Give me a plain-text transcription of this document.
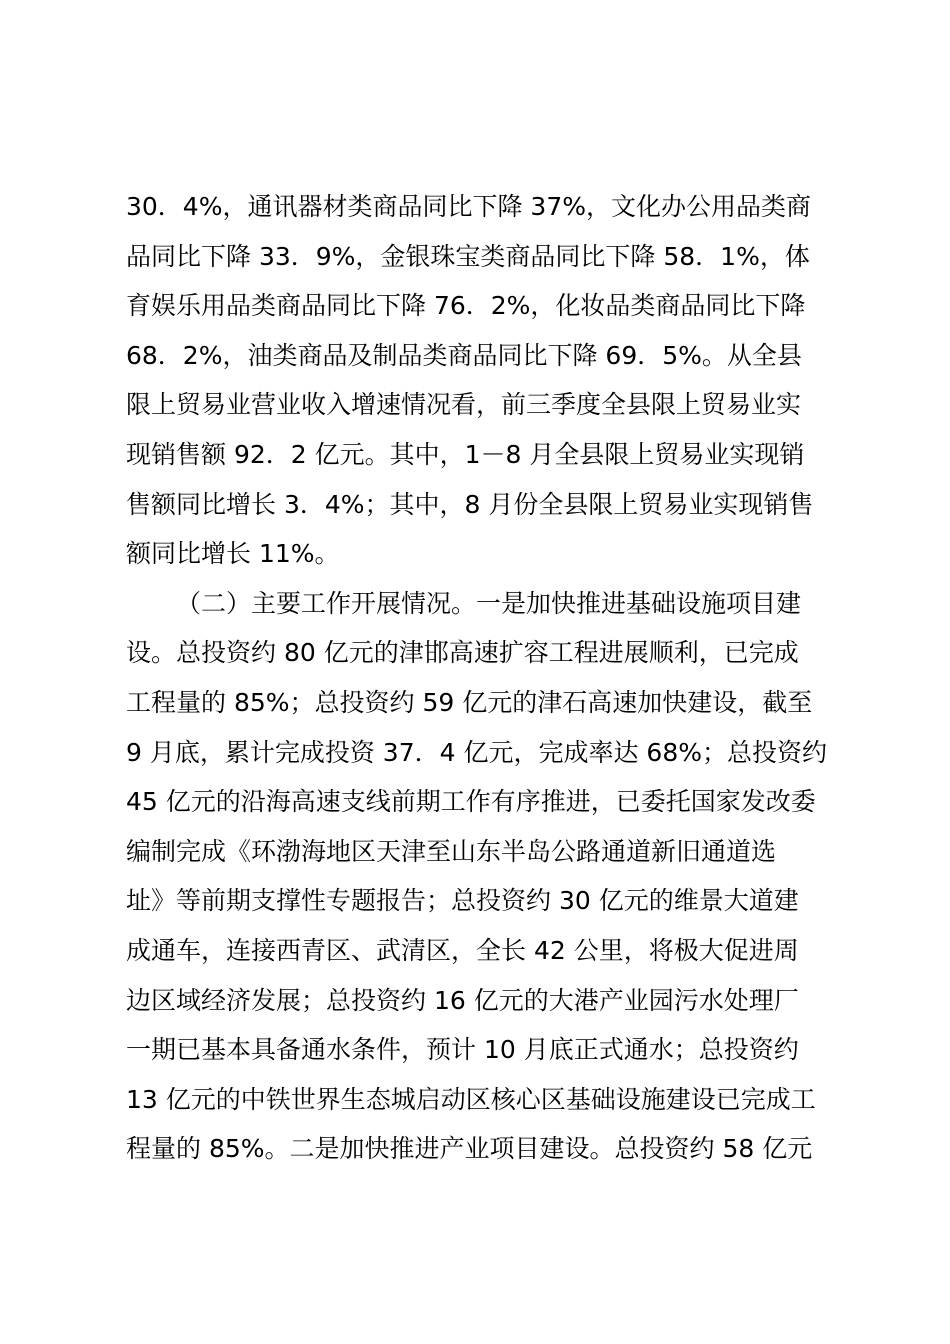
30．4%，通讯器材类商品同比下降 37%，文化办公用品类商
品同比下降 33．9%，金银珠宝类商品同比下降 58．1%，体
育娱乐用品类商品同比下降 76．2%，化妆品类商品同比下降
68．2%，油类商品及制品类商品同比下降 69．5%。从全县
限上贸易业营业收入增速情况看，前三季度全县限上贸易业实
现销售额 92．2 亿元。其中，1－8 月全县限上贸易业实现销
售额同比增长 3．4%；其中，8 月份全县限上贸易业实现销售
额同比增长 11%。
（二）主要工作开展情况。一是加快推进基础设施项目建
设。总投资约 80 亿元的津邯高速扩容工程进展顺利，已完成
工程量的 85%；总投资约 59 亿元的津石高速加快建设，截至
9 月底，累计完成投资 37．4 亿元，完成率达 68%；总投资约
45 亿元的沿海高速支线前期工作有序推进，已委托国家发改委
编制完成《环渤海地区天津至山东半岛公路通道新旧通道选
址》等前期支撑性专题报告；总投资约 30 亿元的维景大道建
成通车，连接西青区、武清区，全长 42 公里，将极大促进周
边区域经济发展；总投资约 16 亿元的大港产业园污水处理厂
一期已基本具备通水条件，预计 10 月底正式通水；总投资约
13 亿元的中铁世界生态城启动区核心区基础设施建设已完成工
程量的 85%。二是加快推进产业项目建设。总投资约 58 亿元
